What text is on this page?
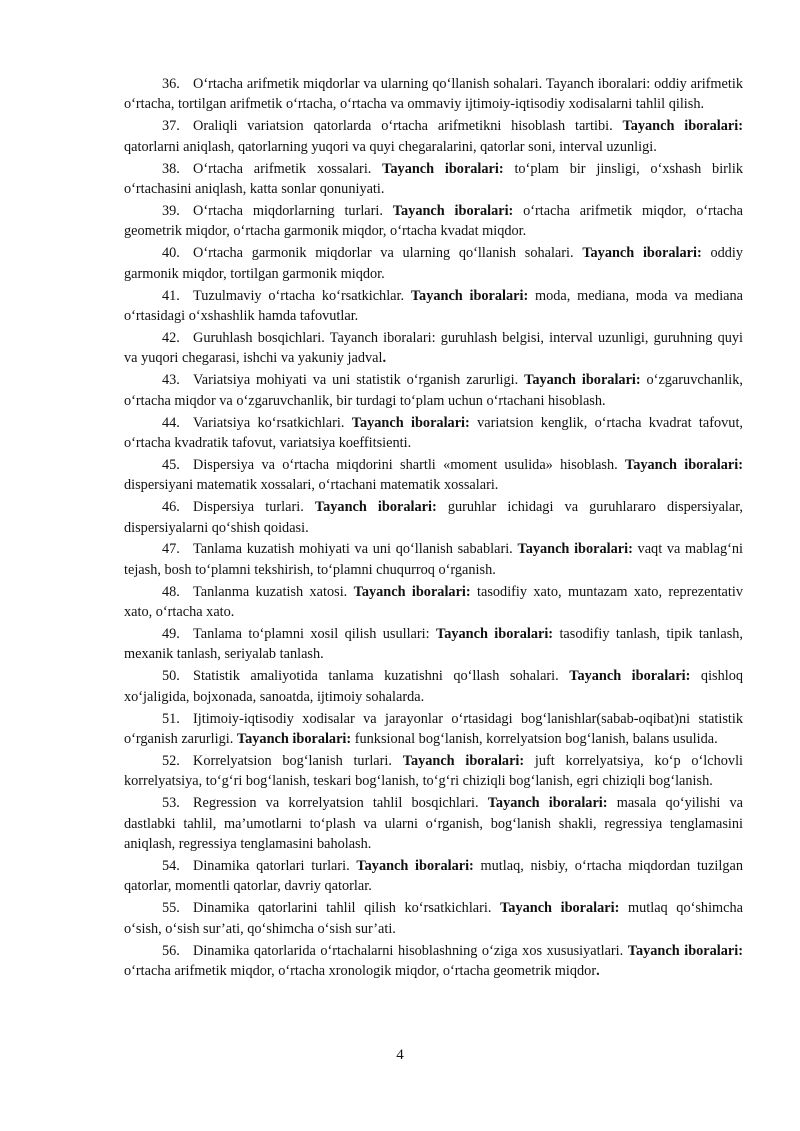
36. O‘rtacha arifmetik miqdorlar va ularning qo‘llanish sohalari. Tayanch iboralari: oddiy arifmetik o‘rtacha, tortilgan arifmetik o‘rtacha, o‘rtacha va ommaviy ijtimoiy-iqtisodiy xodisalarni tahlil qilish.

37. Oraliqli variatsion qatorlarda o‘rtacha arifmetikni hisoblash tartibi. Tayanch iboralari: qatorlarni aniqlash, qatorlarning yuqori va quyi chegaralarini, qatorlar soni, interval uzunligi.

38. O‘rtacha arifmetik xossalari. Tayanch iboralari: to‘plam bir jinsligi, o‘xshash birlik o‘rtachasini aniqlash, katta sonlar qonuniyati.

39. O‘rtacha miqdorlarning turlari. Tayanch iboralari: o‘rtacha arifmetik miqdor, o‘rtacha geometrik miqdor, o‘rtacha garmonik miqdor, o‘rtacha kvadat miqdor.

40. O‘rtacha garmonik miqdorlar va ularning qo‘llanish sohalari. Tayanch iboralari: oddiy garmonik miqdor, tortilgan garmonik miqdor.

41. Tuzulmaviy o‘rtacha ko‘rsatkichlar. Tayanch iboralari: moda, mediana, moda va mediana o‘rtasidagi o‘xshashlik hamda tafovutlar.

42. Guruhlash bosqichlari. Tayanch iboralari: guruhlash belgisi, interval uzunligi, guruhning quyi va yuqori chegarasi, ishchi va yakuniy jadval.

43. Variatsiya mohiyati va uni statistik o‘rganish zarurligi. Tayanch iboralari: o‘zgaruvchanlik, o‘rtacha miqdor va o‘zgaruvchanlik, bir turdagi to‘plam uchun o‘rtachani hisoblash.

44. Variatsiya ko‘rsatkichlari. Tayanch iboralari: variatsion kenglik, o‘rtacha kvadrat tafovut, o‘rtacha kvadratik tafovut, variatsiya koeffitsienti.

45. Dispersiya va o‘rtacha miqdorini shartli «moment usulida» hisoblash. Tayanch iboralari: dispersiyani matematik xossalari, o‘rtachani matematik xossalari.

46. Dispersiya turlari. Tayanch iboralari: guruhlar ichidagi va guruhlararo dispersiyalar, dispersiyalarni qo‘shish qoidasi.

47. Tanlama kuzatish mohiyati va uni qo‘llanish sabablari. Tayanch iboralari: vaqt va mablag‘ni tejash, bosh to‘plamni tekshirish, to‘plamni chuqurroq o‘rganish.

48. Tanlanma kuzatish xatosi. Tayanch iboralari: tasodifiy xato, muntazam xato, reprezentativ xato, o‘rtacha xato.

49. Tanlama to‘plamni xosil qilish usullari: Tayanch iboralari: tasodifiy tanlash, tipik tanlash, mexanik tanlash, seriyalab tanlash.

50. Statistik amaliyotida tanlama kuzatishni qo‘llash sohalari. Tayanch iboralari: qishloq xo‘jaligida, bojxonada, sanoatda, ijtimoiy sohalarda.

51. Ijtimoiy-iqtisodiy xodisalar va jarayonlar o‘rtasidagi bog‘lanishlar(sabab-oqibat)ni statistik o‘rganish zarurligi. Tayanch iboralari: funksional bog‘lanish, korrelyatsion bog‘lanish, balans usulida.

52. Korrelyatsion bog‘lanish turlari. Tayanch iboralari: juft korrelyatsiya, ko‘p o‘lchovli korrelyatsiya, to‘g‘ri bog‘lanish, teskari bog‘lanish, to‘g‘ri chiziqli bog‘lanish, egri chiziqli bog‘lanish.

53. Regression va korrelyatsion tahlil bosqichlari. Tayanch iboralari: masala qo‘yilishi va dastlabki tahlil, ma’umotlarni to‘plash va ularni o‘rganish, bog‘lanish shakli, regressiya tenglamasini aniqlash, regressiya tenglamasini baholash.

54. Dinamika qatorlari turlari. Tayanch iboralari: mutlaq, nisbiy, o‘rtacha miqdordan tuzilgan qatorlar, momentli qatorlar, davriy qatorlar.

55. Dinamika qatorlarini tahlil qilish ko‘rsatkichlari. Tayanch iboralari: mutlaq qo‘shimcha o‘sish, o‘sish sur’ati, qo‘shimcha o‘sish sur’ati.

56. Dinamika qatorlarida o‘rtachalarni hisoblashning o‘ziga xos xususiyatlari. Tayanch iboralari: o‘rtacha arifmetik miqdor, o‘rtacha xronologik miqdor, o‘rtacha geometrik miqdor.

4
